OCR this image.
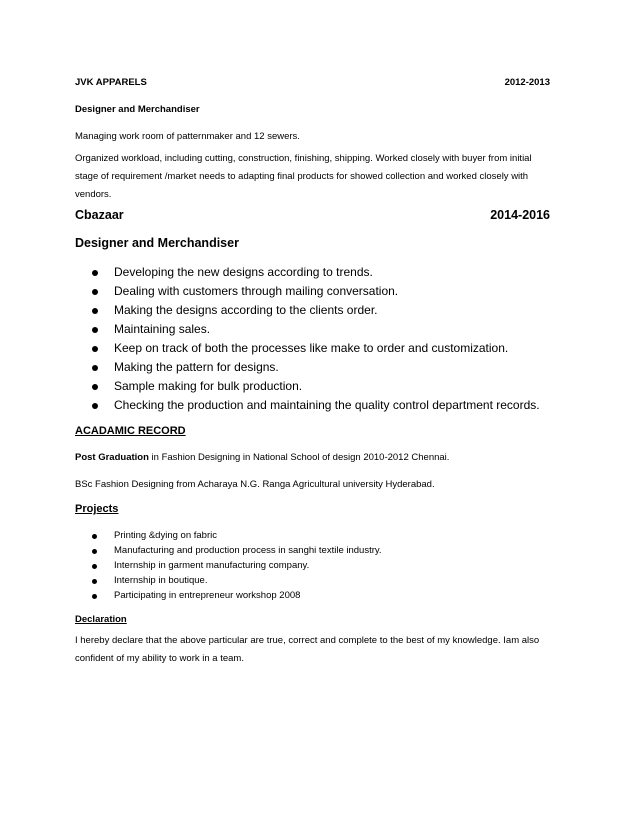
JVK APPARELS	2012-2013
Designer and Merchandiser
Managing work room of patternmaker and 12 sewers.
Organized workload, including cutting, construction, finishing, shipping. Worked closely with buyer from initial stage of requirement /market needs to adapting final products for showed collection and worked closely with vendors.
Cbazaar	2014-2016
Designer and Merchandiser
Developing the new designs according to trends.
Dealing with customers through mailing conversation.
Making the designs according to the clients order.
Maintaining sales.
Keep on track of both the processes like make to order and customization.
Making the pattern for designs.
Sample making for bulk production.
Checking the production and maintaining the quality control department records.
ACADAMIC RECORD
Post Graduation in Fashion Designing in National School of design 2010-2012 Chennai.
BSc Fashion Designing from Acharaya N.G. Ranga Agricultural university Hyderabad.
Projects
Printing &dying on fabric
Manufacturing and production process in sanghi textile industry.
Internship in garment manufacturing company.
Internship in boutique.
Participating in entrepreneur workshop 2008
Declaration
I hereby declare that the above particular are true, correct and complete to the best of my knowledge. Iam also confident of my ability to work in a team.
